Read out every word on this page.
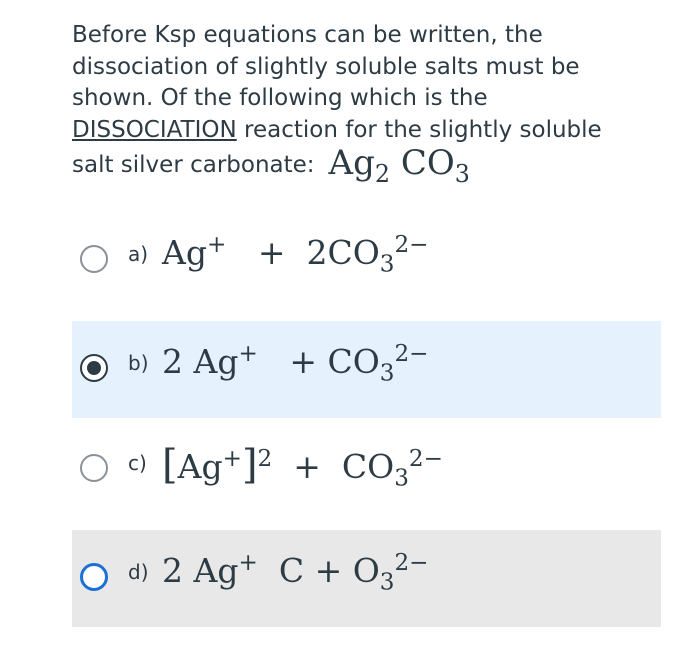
Before Ksp equations can be written, the
dissociation of slightly soluble salts must be
shown. Of the following which is the
DISSOCIATION reaction for the slightly soluble
salt silver carbonate: $Ag_2$ $CO_3$
a) $Ag^+ + 2CO_3^{2-}$
b) 2 $Ag^+ + CO_3^{2-}$
c) $[Ag^+]^2 + CO_3^{2-}$
d) 2 Ag+ $C + O_3^{2-}$
